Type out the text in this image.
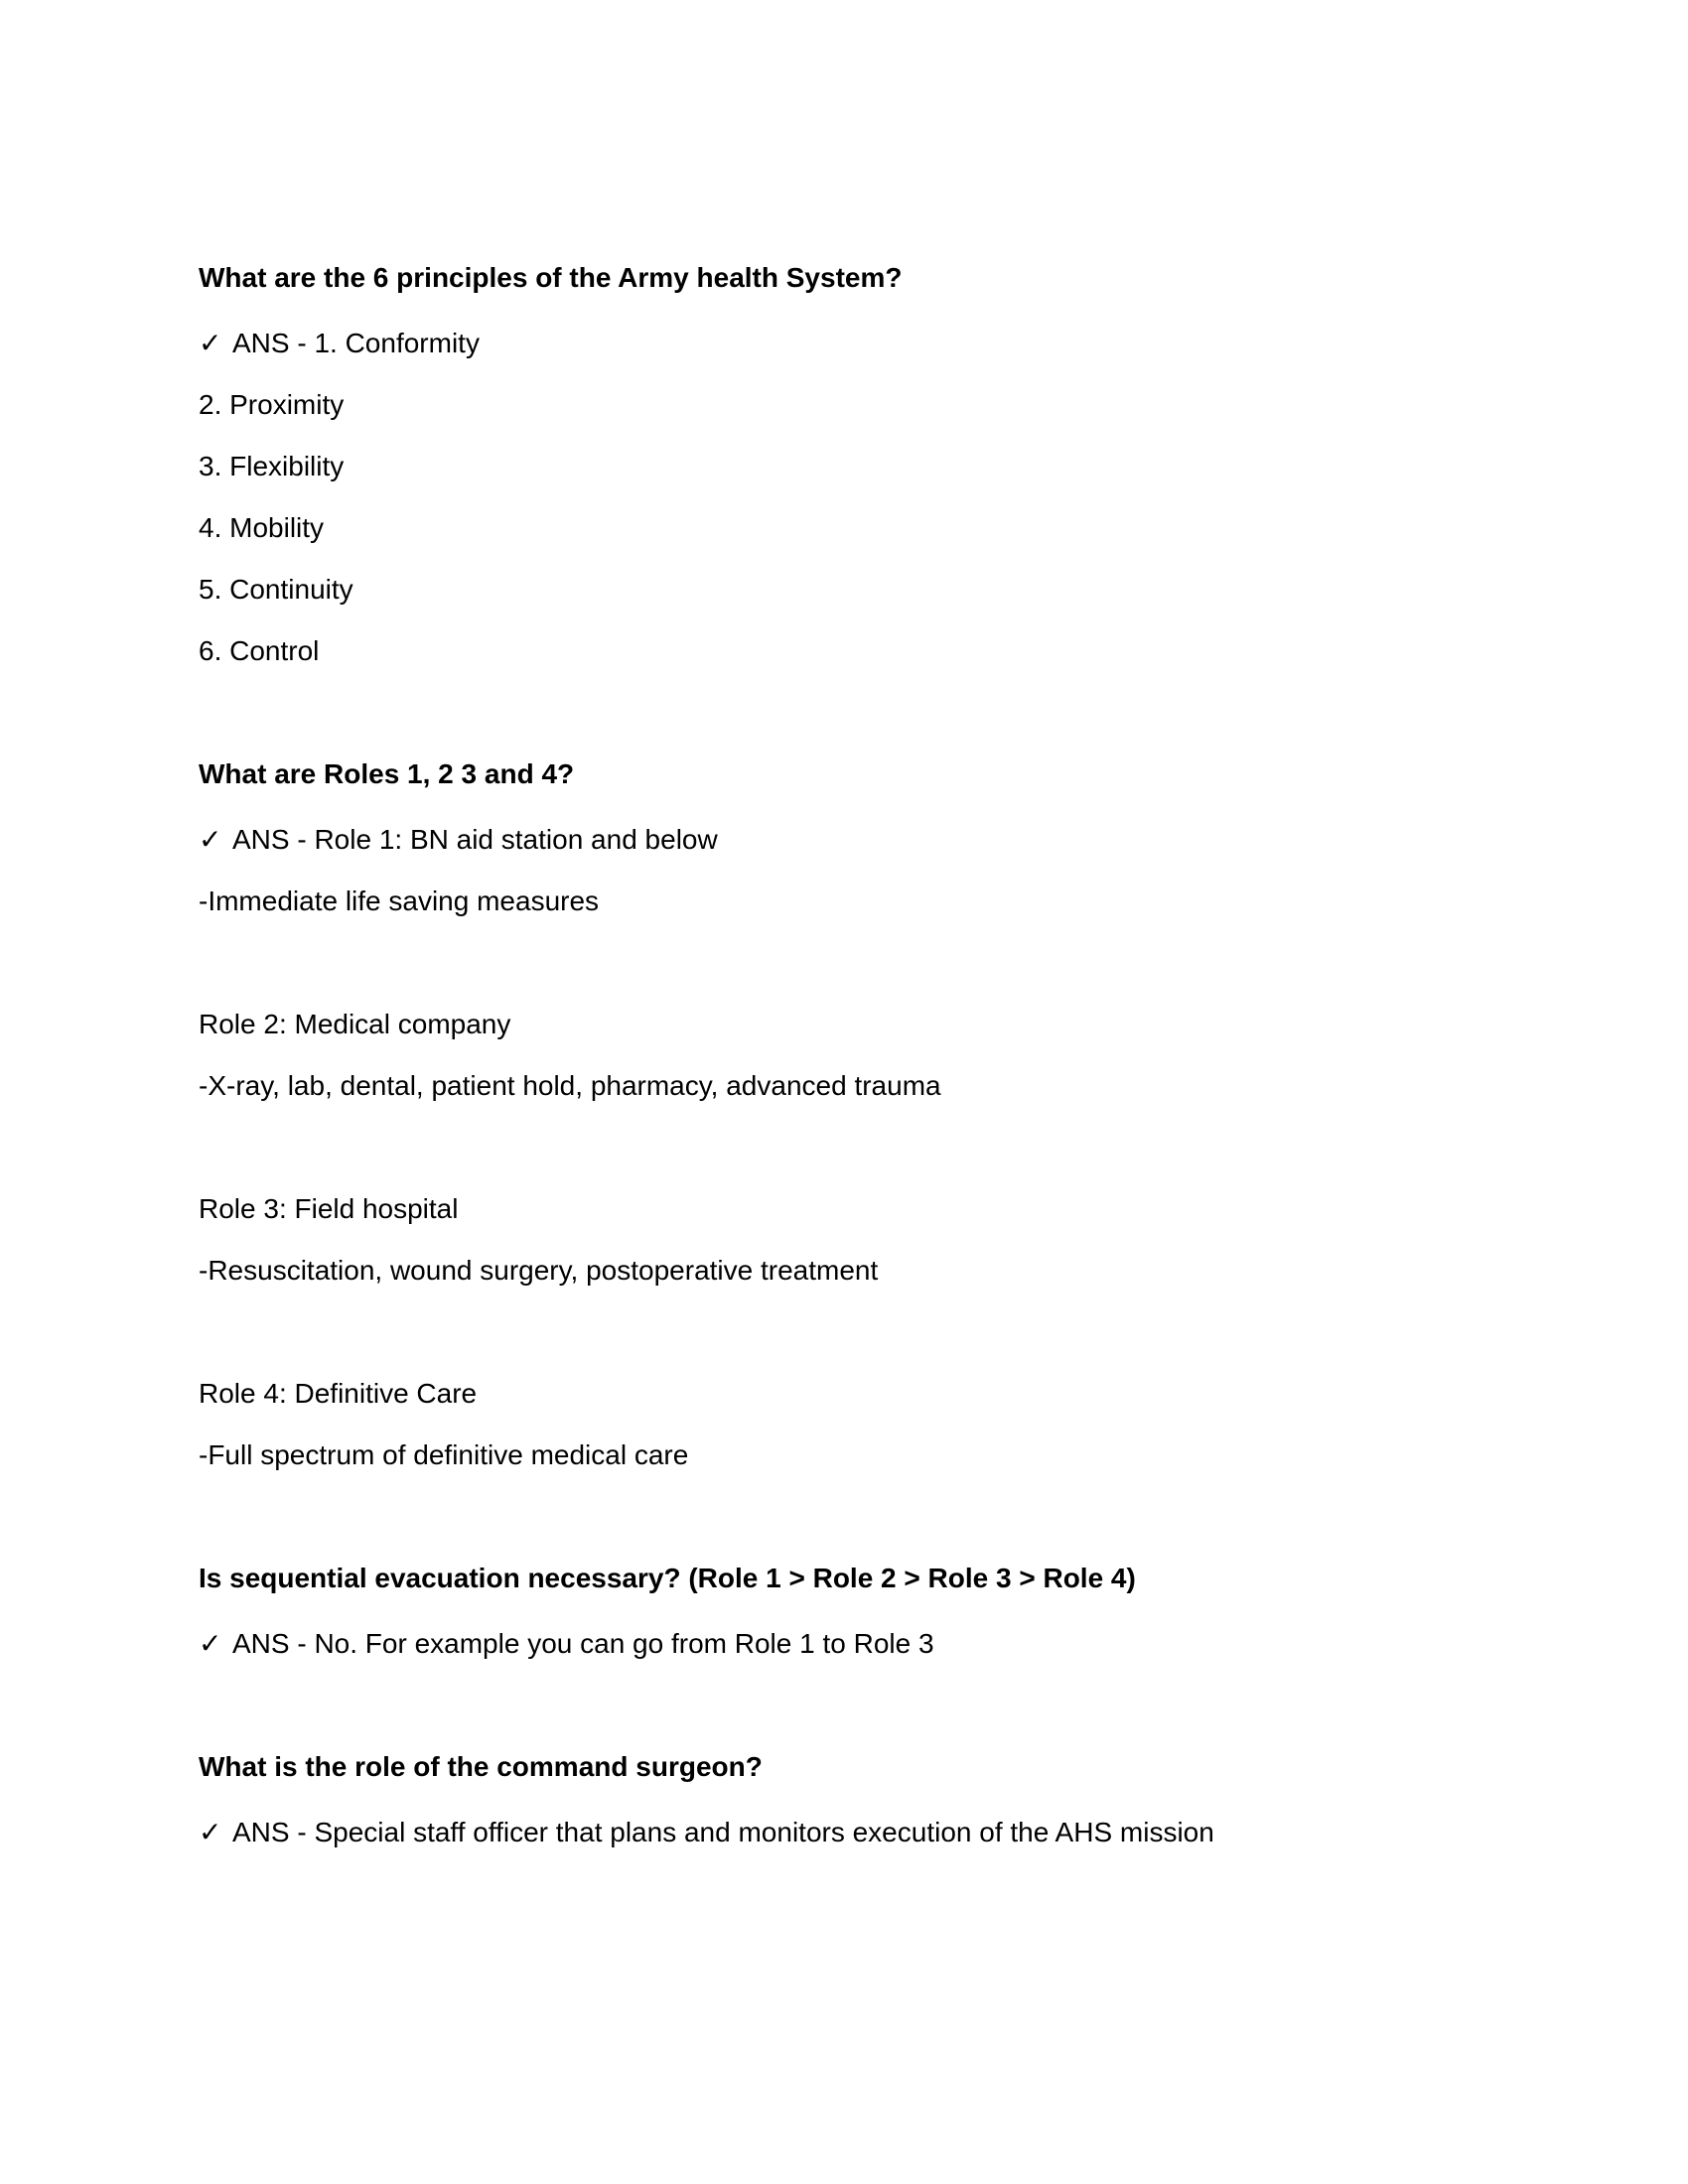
What are the 6 principles of the Army health System?
✓ ANS - 1. Conformity
2. Proximity
3. Flexibility
4. Mobility
5. Continuity
6. Control
What are Roles 1, 2 3 and 4?
✓ ANS - Role 1: BN aid station and below
-Immediate life saving measures
Role 2: Medical company
-X-ray, lab, dental, patient hold, pharmacy, advanced trauma
Role 3: Field hospital
-Resuscitation, wound surgery, postoperative treatment
Role 4: Definitive Care
-Full spectrum of definitive medical care
Is sequential evacuation necessary? (Role 1 > Role 2 > Role 3 > Role 4)
✓ ANS - No. For example you can go from Role 1 to Role 3
What is the role of the command surgeon?
✓ ANS - Special staff officer that plans and monitors execution of the AHS mission
